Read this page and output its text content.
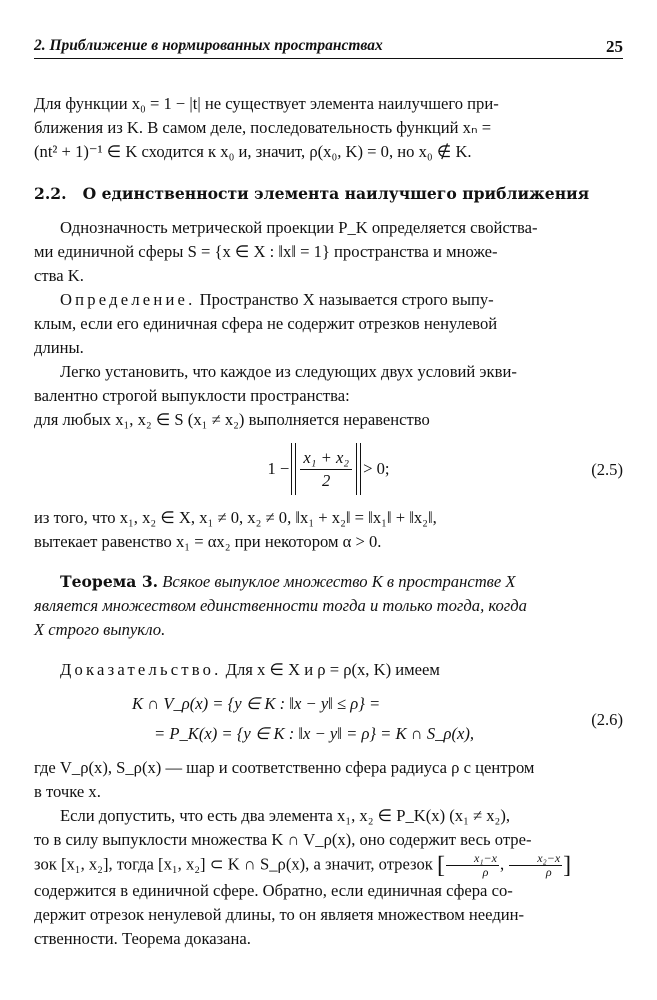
2. Приближение в нормированных пространствах	25

Для функции x₀ = 1 − |t| не существует элемента наилучшего при-
ближения из K. В самом деле, последовательность функций xₙ =
(nt² + 1)⁻¹ ∈ K сходится к x₀ и, значит, ρ(x₀, K) = 0, но x₀ ∉ K.

2.2. О единственности элемента наилучшего приближения

Однозначность метрической проекции P_K определяется свойства-
ми единичной сферы S = {x ∈ X : ‖x‖ = 1} пространства и множе-
ства K.

Определение. Пространство X называется строго выпу-
клым, если его единичная сфера не содержит отрезков ненулевой
длины.

Легко установить, что каждое из следующих двух условий экви-
валентно строгой выпуклости пространства:
для любых x₁, x₂ ∈ S (x₁ ≠ x₂) выполняется неравенство

$1 - \frac{\text{x₁ + x₂}}{2} > 0$;	(2.5)

из того, что x₁, x₂ ∈ X, x₁ ≠ 0, x₂ ≠ 0, ‖x₁ + x₂‖ = ‖x₁‖ + ‖x₂‖,
вытекает равенство x₁ = αx₂ при некотором α > 0.

Теорема 3. Всякое выпуклое множество K в пространстве X
является множеством единственности тогда и только тогда, когда
X строго выпукло.

Доказательство. Для x ∈ X и ρ = ρ(x, K) имеем

K ∩ V_ρ(x) = {y ∈ K : ‖x − y‖ ≤ ρ} =
= P_K(x) = {y ∈ K : ‖x − y‖ = ρ} = K ∩ S_ρ(x),
(2.6)

где V_ρ(x), S_ρ(x) — шар и соответственно сфера радиуса ρ с центром
в точке x.

Если допустить, что есть два элемента x₁, x₂ ∈ P_K(x) (x₁ ≠ x₂),
то в силу выпуклости множества K ∩ V_ρ(x), оно содержит весь отре-
зок [x₁, x₂], тогда [x₁, x₂] ⊂ K ∩ S_ρ(x), а значит, отрезок [ $\frac{\text{x₁−x}}{\rho}$ , $\frac{\text{x₂−x}}{\rho}$ ]
содержится в единичной сфере. Обратно, если единичная сфера со-
держит отрезок ненулевой длины, то он являетя множеством неедин-
ственности. Теорема доказана.
